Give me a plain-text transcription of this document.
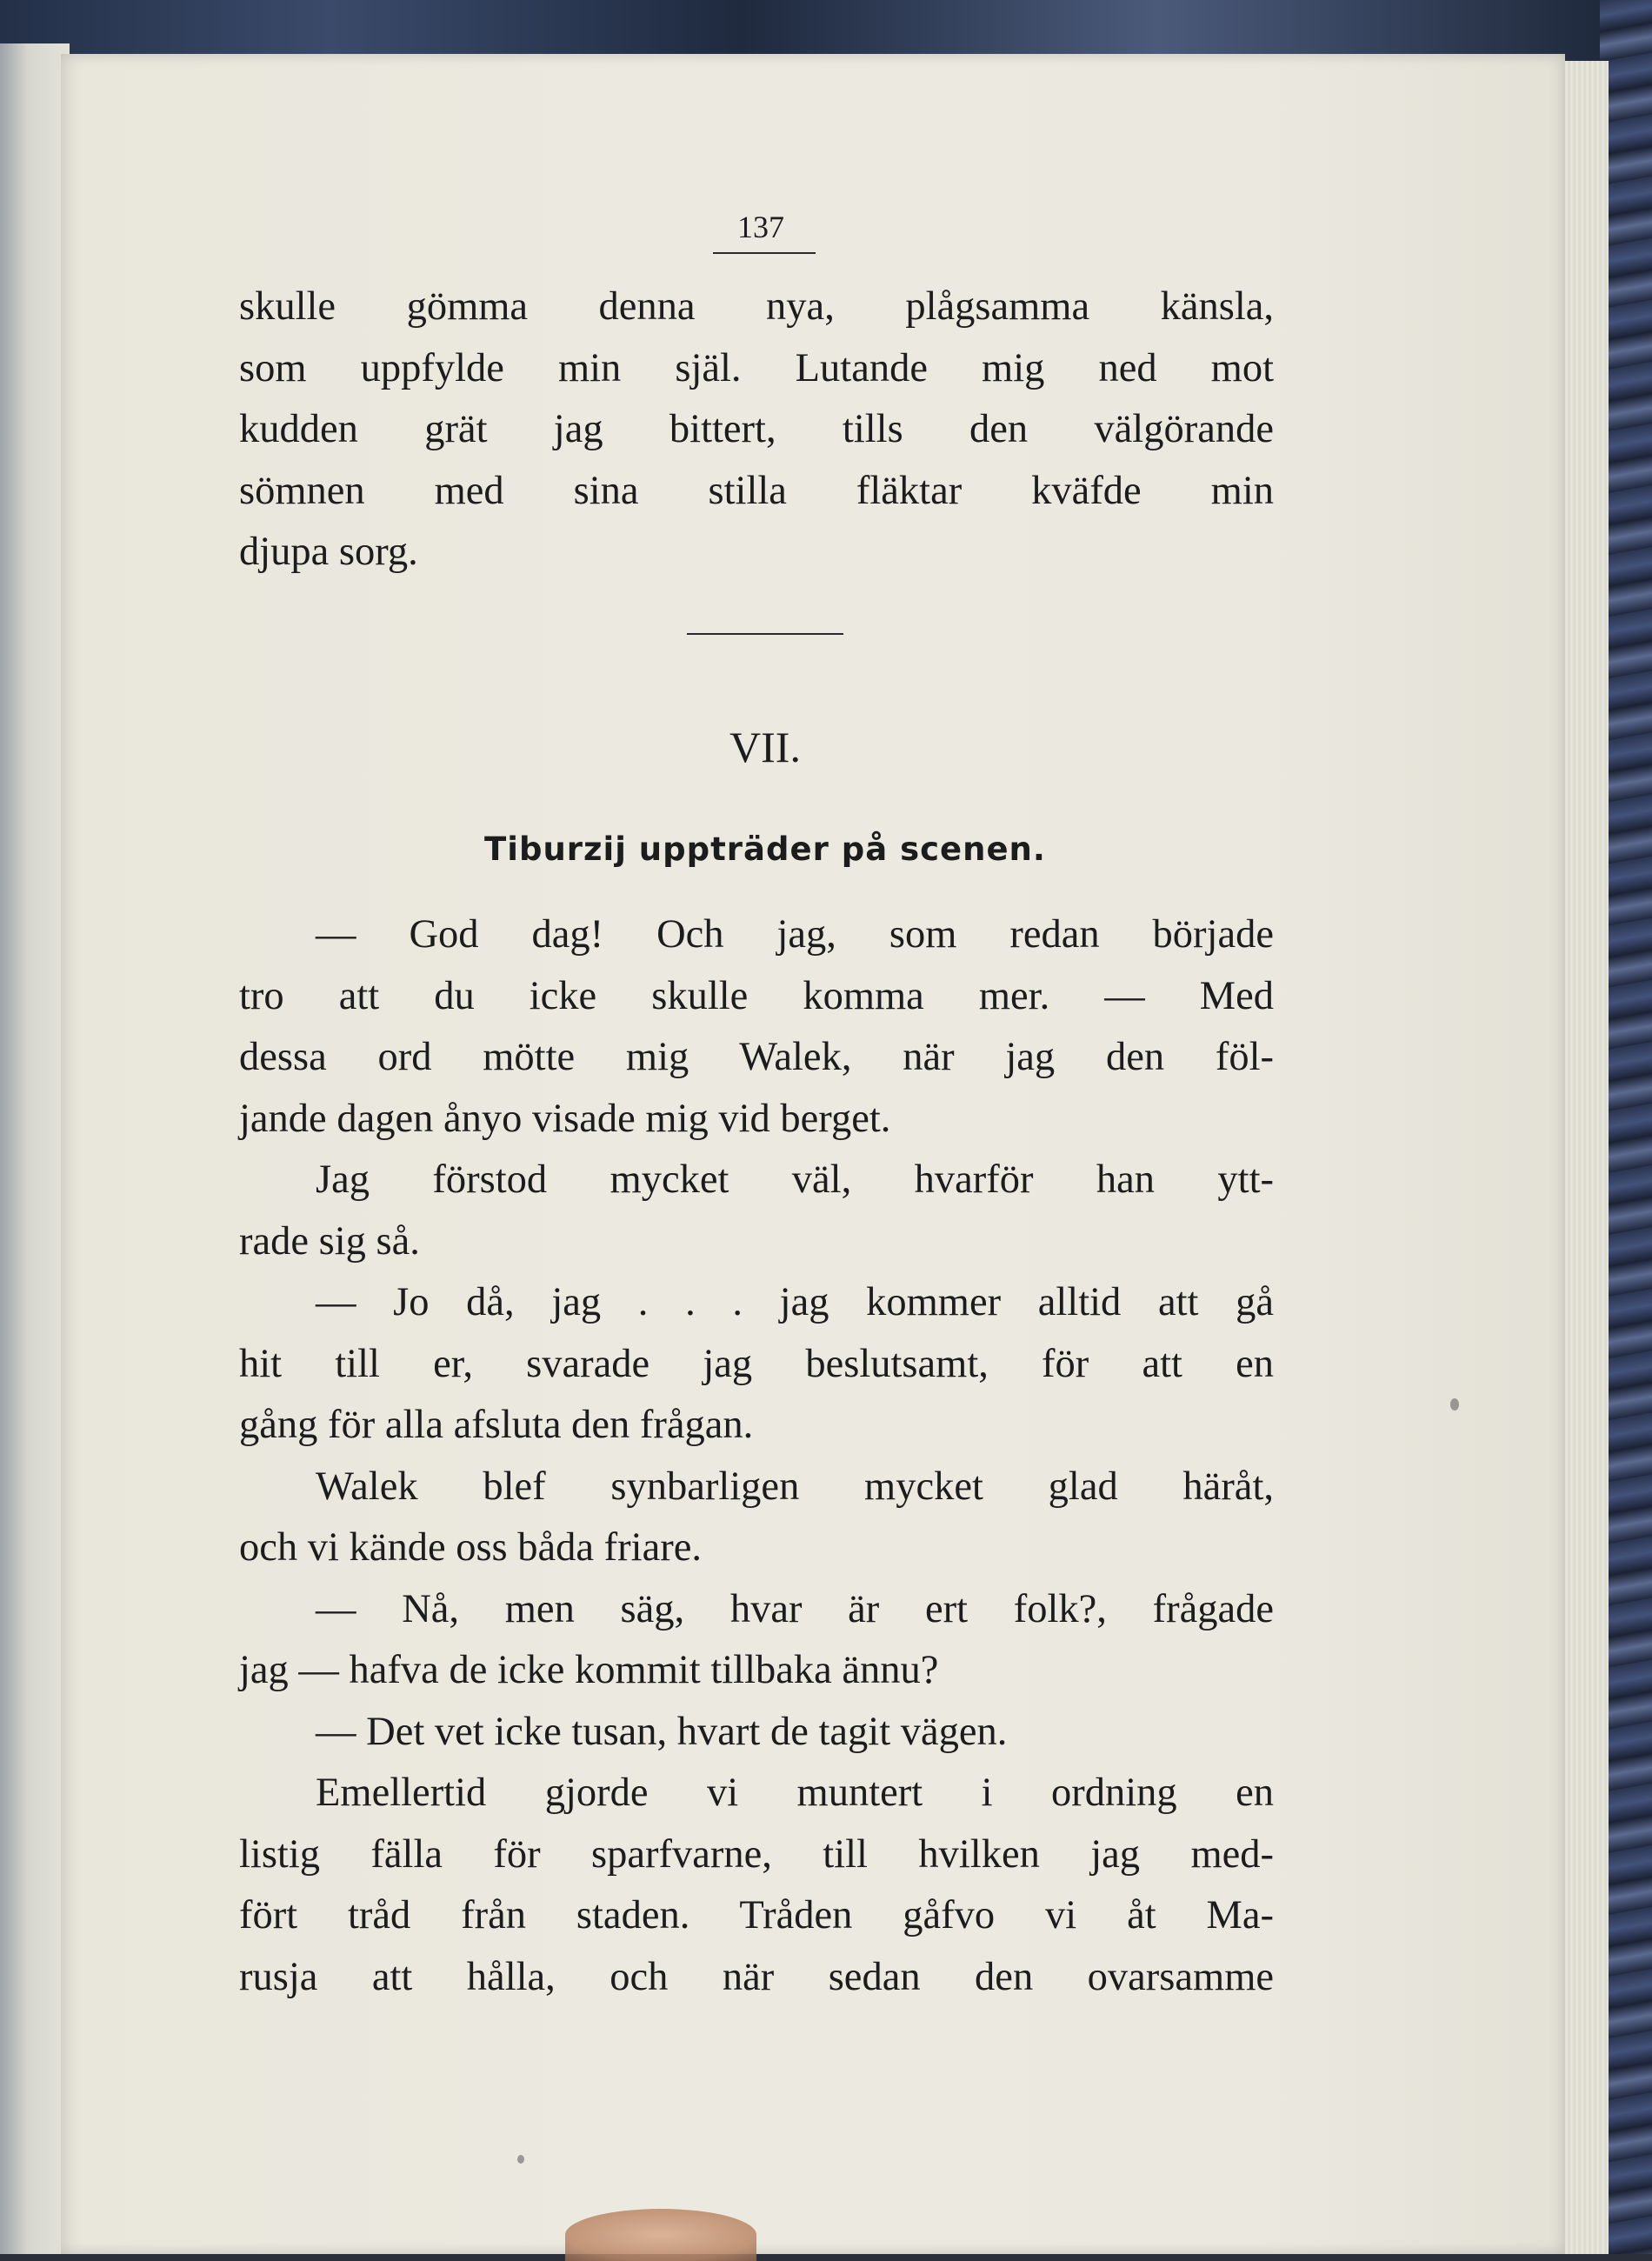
137
skulle gömma denna nya, plågsamma känsla,
som uppfylde min själ. Lutande mig ned mot
kudden grät jag bittert, tills den välgörande
sömnen med sina stilla fläktar kväfde min
djupa sorg.
VII.
Tiburzij uppträder på scenen.
— God dag! Och jag, som redan började
tro att du icke skulle komma mer. — Med
dessa ord mötte mig Walek, när jag den föl-
jande dagen ånyo visade mig vid berget.
Jag förstod mycket väl, hvarför han ytt-
rade sig så.
— Jo då, jag . . . jag kommer alltid att gå
hit till er, svarade jag beslutsamt, för att en
gång för alla afsluta den frågan.
Walek blef synbarligen mycket glad häråt,
och vi kände oss båda friare.
— Nå, men säg, hvar är ert folk?, frågade
jag — hafva de icke kommit tillbaka ännu?
— Det vet icke tusan, hvart de tagit vägen.
Emellertid gjorde vi muntert i ordning en
listig fälla för sparfvarne, till hvilken jag med-
fört tråd från staden. Tråden gåfvo vi åt Ma-
rusja att hålla, och när sedan den ovarsamme
